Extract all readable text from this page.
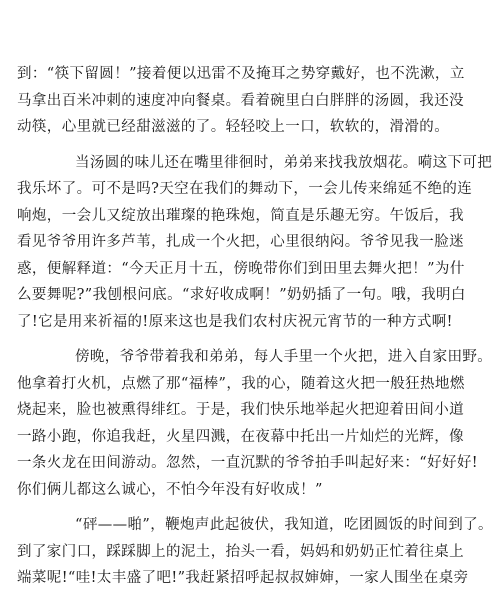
到：“筷下留圆！”接着便以迅雷不及掩耳之势穿戴好，也不洗漱，立
马拿出百米冲刺的速度冲向餐桌。看着碗里白白胖胖的汤圆，我还没
动筷，心里就已经甜滋滋的了。轻轻咬上一口，软软的，滑滑的。
当汤圆的味儿还在嘴里徘徊时，弟弟来找我放烟花。嗬这下可把
我乐坏了。可不是吗?天空在我们的舞动下，一会儿传来绵延不绝的连
响炮，一会儿又绽放出璀璨的艳珠炮，简直是乐趣无穷。午饭后，我
看见爷爷用许多芦苇，扎成一个火把，心里很纳闷。爷爷见我一脸迷
惑，便解释道：“今天正月十五，傍晚带你们到田里去舞火把！”为什
么要舞呢?”我刨根问底。“求好收成啊！”奶奶插了一句。哦，我明白
了!它是用来祈福的!原来这也是我们农村庆祝元宵节的一种方式啊!
傍晚，爷爷带着我和弟弟，每人手里一个火把，进入自家田野。
他拿着打火机，点燃了那“福棒”，我的心，随着这火把一般狂热地燃
烧起来，脸也被熏得绯红。于是，我们快乐地举起火把迎着田间小道
一路小跑，你追我赶，火星四溅，在夜幕中托出一片灿烂的光辉，像
一条火龙在田间游动。忽然，一直沉默的爷爷拍手叫起好来：“好好好!
你们俩儿都这么诚心，不怕今年没有好收成！”
“砰——啪”，鞭炮声此起彼伏，我知道，吃团圆饭的时间到了。
到了家门口，踩踩脚上的泥土，抬头一看，妈妈和奶奶正忙着往桌上
端菜呢!“哇!太丰盛了吧!”我赶紧招呼起叔叔婶婶，一家人围坐在桌旁
